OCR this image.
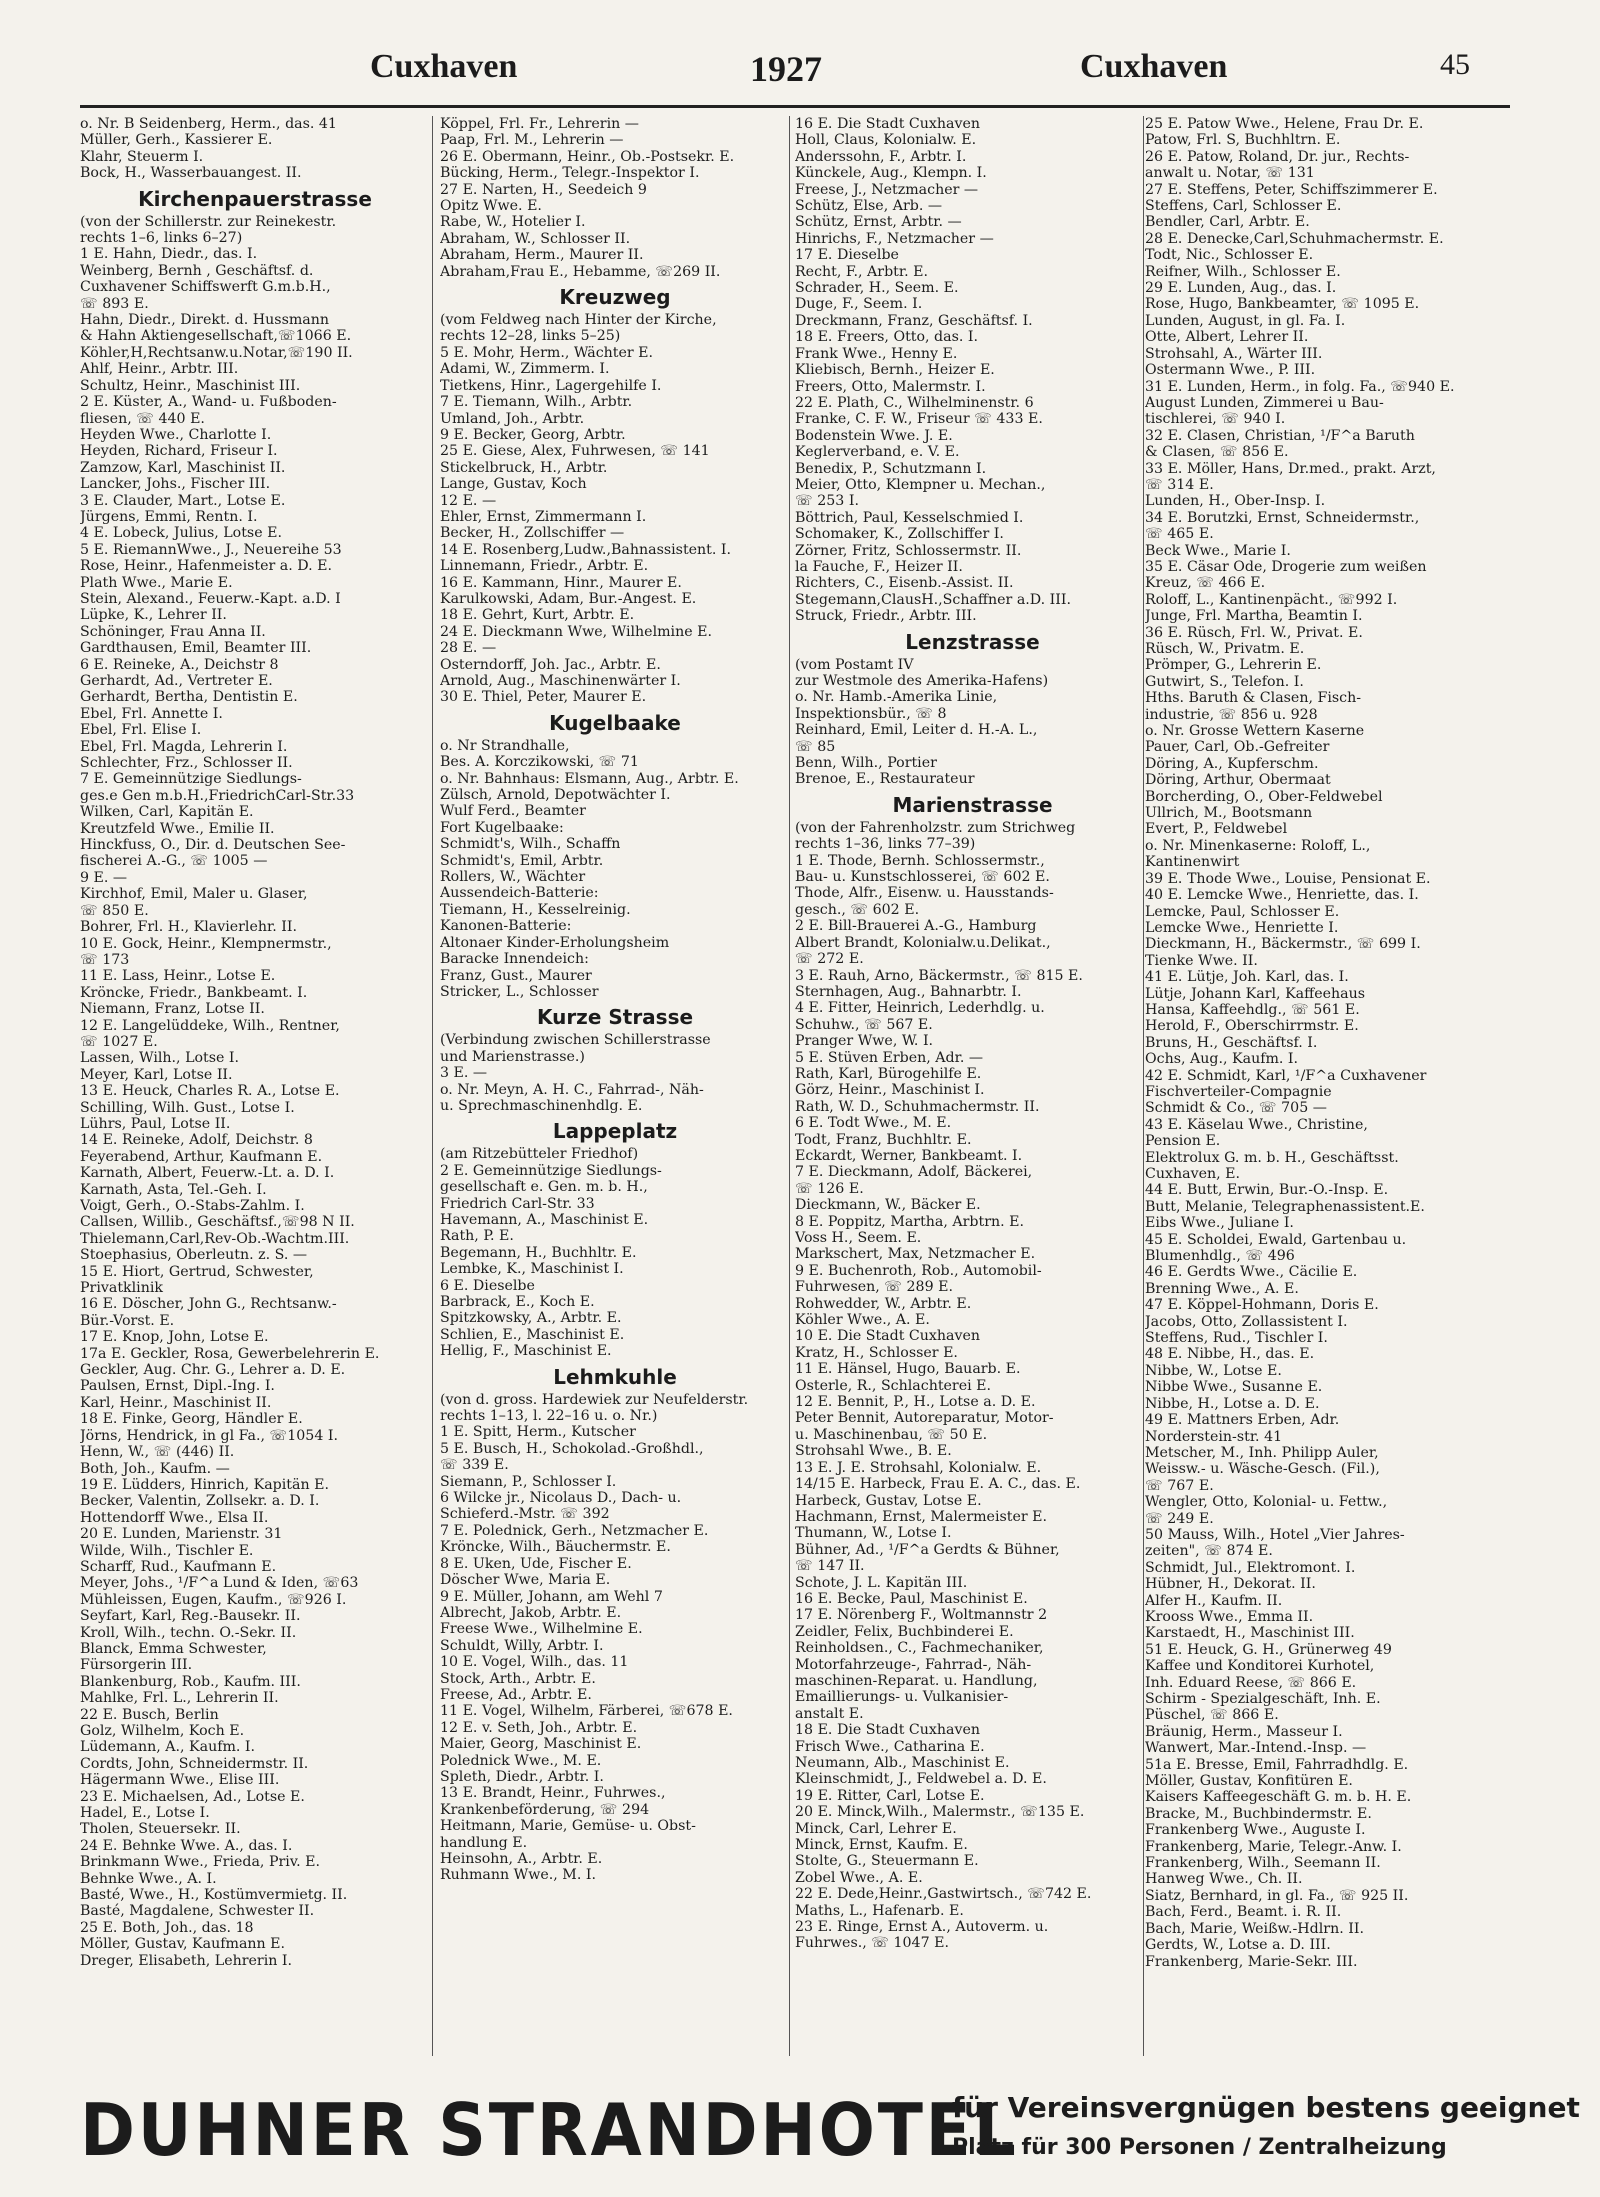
Cuxhaven	1927	Cuxhaven	45
o. Nr. B Seidenberg, Herm., das. 41
Müller, Gerh., Kassierer E.
Klahr, Steuerm I.
Bock, H., Wasserbauangest. II.
Kirchenpauerstrasse
(von der Schillerstr. zur Reinekestr.
rechts 1–6, links 6–27)
1 E. Hahn, Diedr., das. I.
Weinberg, Bernh , Geschäftsf. d.
Cuxhavener Schiffswerft G.m.b.H.,
☏ 893 E.
Hahn, Diedr., Direkt. d. Hussmann
& Hahn Aktiengesellschaft,☏1066 E.
Köhler,H,Rechtsanw.u.Notar,☏190 II.
Ahlf, Heinr., Arbtr. III.
Schultz, Heinr., Maschinist III.
2 E. Küster, A., Wand- u. Fußboden-
fliesen, ☏ 440 E.
Heyden Wwe., Charlotte I.
Heyden, Richard, Friseur I.
Zamzow, Karl, Maschinist II.
Lancker, Johs., Fischer III.
3 E. Clauder, Mart., Lotse E.
Jürgens, Emmi, Rentn. I.
4 E. Lobeck, Julius, Lotse E.
5 E. RiemannWwe., J., Neuereihe 53
Rose, Heinr., Hafenmeister a. D. E.
Plath Wwe., Marie E.
Stein, Alexand., Feuerw.-Kapt. a.D. I
Lüpke, K., Lehrer II.
Schöninger, Frau Anna II.
Gardthausen, Emil, Beamter III.
6 E. Reineke, A., Deichstr 8
Gerhardt, Ad., Vertreter E.
Gerhardt, Bertha, Dentistin E.
Ebel, Frl. Annette I.
Ebel, Frl. Elise I.
Ebel, Frl. Magda, Lehrerin I.
Schlechter, Frz., Schlosser II.
7 E. Gemeinnützige Siedlungs-
ges.e Gen m.b.H.,FriedrichCarl-Str.33
Wilken, Carl, Kapitän E.
Kreutzfeld Wwe., Emilie II.
Hinckfuss, O., Dir. d. Deutschen See-
fischerei A.-G., ☏ 1005 —
9 E. —
Kirchhof, Emil, Maler u. Glaser,
☏ 850 E.
Bohrer, Frl. H., Klavierlehr. II.
10 E. Gock, Heinr., Klempnermstr.,
☏ 173
11 E. Lass, Heinr., Lotse E.
Kröncke, Friedr., Bankbeamt. I.
Niemann, Franz, Lotse II.
12 E. Langelüddeke, Wilh., Rentner,
☏ 1027 E.
Lassen, Wilh., Lotse I.
Meyer, Karl, Lotse II.
13 E. Heuck, Charles R. A., Lotse E.
Schilling, Wilh. Gust., Lotse I.
Lührs, Paul, Lotse II.
14 E. Reineke, Adolf, Deichstr. 8
Feyerabend, Arthur, Kaufmann E.
Karnath, Albert, Feuerw.-Lt. a. D. I.
Karnath, Asta, Tel.-Geh. I.
Voigt, Gerh., O.-Stabs-Zahlm. I.
Callsen, Willib., Geschäftsf.,☏98 N II.
Thielemann,Carl,Rev-Ob.-Wachtm.III.
Stoephasius, Oberleutn. z. S. —
15 E. Hiort, Gertrud, Schwester,
Privatklinik
16 E. Döscher, John G., Rechtsanw.-
Bür.-Vorst. E.
17 E. Knop, John, Lotse E.
17a E. Geckler, Rosa, Gewerbelehrerin E.
Geckler, Aug. Chr. G., Lehrer a. D. E.
Paulsen, Ernst, Dipl.-Ing. I.
Karl, Heinr., Maschinist II.
18 E. Finke, Georg, Händler E.
Jörns, Hendrick, in gl Fa., ☏1054 I.
Henn, W., ☏ (446) II.
Both, Joh., Kaufm. —
19 E. Lüdders, Hinrich, Kapitän E.
Becker, Valentin, Zollsekr. a. D. I.
Hottendorff Wwe., Elsa II.
20 E. Lunden, Marienstr. 31
Wilde, Wilh., Tischler E.
Scharff, Rud., Kaufmann E.
Meyer, Johs., ¹/F^a Lund & Iden, ☏63
Mühleissen, Eugen, Kaufm., ☏926 I.
Seyfart, Karl, Reg.-Bausekr. II.
Kroll, Wilh., techn. O.-Sekr. II.
Blanck, Emma Schwester,
Fürsorgerin III.
Blankenburg, Rob., Kaufm. III.
Mahlke, Frl. L., Lehrerin II.
22 E. Busch, Berlin
Golz, Wilhelm, Koch E.
Lüdemann, A., Kaufm. I.
Cordts, John, Schneidermstr. II.
Hägermann Wwe., Elise III.
23 E. Michaelsen, Ad., Lotse E.
Hadel, E., Lotse I.
Tholen, Steuersekr. II.
24 E. Behnke Wwe. A., das. I.
Brinkmann Wwe., Frieda, Priv. E.
Behnke Wwe., A. I.
Basté, Wwe., H., Kostümvermietg. II.
Basté, Magdalene, Schwester II.
25 E. Both, Joh., das. 18
Möller, Gustav, Kaufmann E.
Dreger, Elisabeth, Lehrerin I.
Köppel, Frl. Fr., Lehrerin —
Paap, Frl. M., Lehrerin —
26 E. Obermann, Heinr., Ob.-Postsekr. E.
Bücking, Herm., Telegr.-Inspektor I.
27 E. Narten, H., Seedeich 9
Opitz Wwe. E.
Rabe, W., Hotelier I.
Abraham, W., Schlosser II.
Abraham, Herm., Maurer II.
Abraham,Frau E., Hebamme, ☏269 II.
Kreuzweg
(vom Feldweg nach Hinter der Kirche,
rechts 12–28, links 5–25)
5 E. Mohr, Herm., Wächter E.
Adami, W., Zimmerm. I.
Tietkens, Hinr., Lagergehilfe I.
7 E. Tiemann, Wilh., Arbtr.
Umland, Joh., Arbtr.
9 E. Becker, Georg, Arbtr.
25 E. Giese, Alex, Fuhrwesen, ☏ 141
Stickelbruck, H., Arbtr.
Lange, Gustav, Koch
12 E. —
Ehler, Ernst, Zimmermann I.
Becker, H., Zollschiffer —
14 E. Rosenberg,Ludw.,Bahnassistent. I.
Linnemann, Friedr., Arbtr. E.
16 E. Kammann, Hinr., Maurer E.
Karulkowski, Adam, Bur.-Angest. E.
18 E. Gehrt, Kurt, Arbtr. E.
24 E. Dieckmann Wwe, Wilhelmine E.
28 E. —
Osterndorff, Joh. Jac., Arbtr. E.
Arnold, Aug., Maschinenwärter I.
30 E. Thiel, Peter, Maurer E.
Kugelbaake
o. Nr Strandhalle,
Bes. A. Korczikowski, ☏ 71
o. Nr. Bahnhaus: Elsmann, Aug., Arbtr. E.
Zülsch, Arnold, Depotwächter I.
Wulf Ferd., Beamter
Fort Kugelbaake:
Schmidt's, Wilh., Schaffn
Schmidt's, Emil, Arbtr.
Rollers, W., Wächter
Aussendeich-Batterie:
Tiemann, H., Kesselreinig.
Kanonen-Batterie:
Altonaer Kinder-Erholungsheim
Baracke Innendeich:
Franz, Gust., Maurer
Stricker, L., Schlosser
Kurze Strasse
(Verbindung zwischen Schillerstrasse
und Marienstrasse.)
3 E. —
o. Nr. Meyn, A. H. C., Fahrrad-, Näh-
u. Sprechmaschinenhdlg. E.
Lappeplatz
(am Ritzebütteler Friedhof)
2 E. Gemeinnützige Siedlungs-
gesellschaft e. Gen. m. b. H.,
Friedrich Carl-Str. 33
Havemann, A., Maschinist E.
Rath, P. E.
Begemann, H., Buchhltr. E.
Lembke, K., Maschinist I.
6 E. Dieselbe
Barbrack, E., Koch E.
Spitzkowsky, A., Arbtr. E.
Schlien, E., Maschinist E.
Hellig, F., Maschinist E.
Lehmkuhle
(von d. gross. Hardewiek zur Neufelderstr.
rechts 1–13, l. 22–16 u. o. Nr.)
1 E. Spitt, Herm., Kutscher
5 E. Busch, H., Schokolad.-Großhdl.,
☏ 339 E.
Siemann, P., Schlosser I.
6 Wilcke jr., Nicolaus D., Dach- u.
Schieferd.-Mstr. ☏ 392
7 E. Polednick, Gerh., Netzmacher E.
Kröncke, Wilh., Bäuchermstr. E.
8 E. Uken, Ude, Fischer E.
Döscher Wwe, Maria E.
9 E. Müller, Johann, am Wehl 7
Albrecht, Jakob, Arbtr. E.
Freese Wwe., Wilhelmine E.
Schuldt, Willy, Arbtr. I.
10 E. Vogel, Wilh., das. 11
Stock, Arth., Arbtr. E.
Freese, Ad., Arbtr. E.
11 E. Vogel, Wilhelm, Färberei, ☏678 E.
12 E. v. Seth, Joh., Arbtr. E.
Maier, Georg, Maschinist E.
Polednick Wwe., M. E.
Spleth, Diedr., Arbtr. I.
13 E. Brandt, Heinr., Fuhrwes.,
Krankenbeförderung, ☏ 294
Heitmann, Marie, Gemüse- u. Obst-
handlung E.
Heinsohn, A., Arbtr. E.
Ruhmann Wwe., M. I.
16 E. Die Stadt Cuxhaven
Holl, Claus, Kolonialw. E.
Anderssohn, F., Arbtr. I.
Künckele, Aug., Klempn. I.
Freese, J., Netzmacher —
Schütz, Else, Arb. —
Schütz, Ernst, Arbtr. —
Hinrichs, F., Netzmacher —
17 E. Dieselbe
Recht, F., Arbtr. E.
Schrader, H., Seem. E.
Duge, F., Seem. I.
Dreckmann, Franz, Geschäftsf. I.
18 E. Freers, Otto, das. I.
Frank Wwe., Henny E.
Kliebisch, Bernh., Heizer E.
Freers, Otto, Malermstr. I.
22 E. Plath, C., Wilhelminenstr. 6
Franke, C. F. W., Friseur ☏ 433 E.
Bodenstein Wwe. J. E.
Keglerverband, e. V. E.
Benedix, P., Schutzmann I.
Meier, Otto, Klempner u. Mechan.,
☏ 253 I.
Böttrich, Paul, Kesselschmied I.
Schomaker, K., Zollschiffer I.
Zörner, Fritz, Schlossermstr. II.
la Fauche, F., Heizer II.
Richters, C., Eisenb.-Assist. II.
Stegemann,ClausH.,Schaffner a.D. III.
Struck, Friedr., Arbtr. III.
Lenzstrasse
(vom Postamt IV
zur Westmole des Amerika-Hafens)
o. Nr. Hamb.-Amerika Linie,
Inspektionsbür., ☏ 8
Reinhard, Emil, Leiter d. H.-A. L.,
☏ 85
Benn, Wilh., Portier
Brenoe, E., Restaurateur
Marienstrasse
(von der Fahrenholzstr. zum Strichweg
rechts 1–36, links 77–39)
1 E. Thode, Bernh. Schlossermstr.,
Bau- u. Kunstschlosserei, ☏ 602 E.
Thode, Alfr., Eisenw. u. Hausstands-
gesch., ☏ 602 E.
2 E. Bill-Brauerei A.-G., Hamburg
Albert Brandt, Kolonialw.u.Delikat.,
☏ 272 E.
3 E. Rauh, Arno, Bäckermstr., ☏ 815 E.
Sternhagen, Aug., Bahnarbtr. I.
4 E. Fitter, Heinrich, Lederhdlg. u.
Schuhw., ☏ 567 E.
Pranger Wwe, W. I.
5 E. Stüven Erben, Adr. —
Rath, Karl, Bürogehilfe E.
Görz, Heinr., Maschinist I.
Rath, W. D., Schuhmachermstr. II.
6 E. Todt Wwe., M. E.
Todt, Franz, Buchhltr. E.
Eckardt, Werner, Bankbeamt. I.
7 E. Dieckmann, Adolf, Bäckerei,
☏ 126 E.
Dieckmann, W., Bäcker E.
8 E. Poppitz, Martha, Arbtrn. E.
Voss H., Seem. E.
Markschert, Max, Netzmacher E.
9 E. Buchenroth, Rob., Automobil-
Fuhrwesen, ☏ 289 E.
Rohwedder, W., Arbtr. E.
Köhler Wwe., A. E.
10 E. Die Stadt Cuxhaven
Kratz, H., Schlosser E.
11 E. Hänsel, Hugo, Bauarb. E.
Osterle, R., Schlachterei E.
12 E. Bennit, P., H., Lotse a. D. E.
Peter Bennit, Autoreparatur, Motor-
u. Maschinenbau, ☏ 50 E.
Strohsahl Wwe., B. E.
13 E. J. E. Strohsahl, Kolonialw. E.
14/15 E. Harbeck, Frau E. A. C., das. E.
Harbeck, Gustav, Lotse E.
Hachmann, Ernst, Malermeister E.
Thumann, W., Lotse I.
Bühner, Ad., ¹/F^a Gerdts & Bühner,
☏ 147 II.
Schote, J. L. Kapitän III.
16 E. Becke, Paul, Maschinist E.
17 E. Nörenberg F., Woltmannstr 2
Zeidler, Felix, Buchbinderei E.
Reinholdsen., C., Fachmechaniker,
Motorfahrzeuge-, Fahrrad-, Näh-
maschinen-Reparat. u. Handlung,
Emaillierungs- u. Vulkanisier-
anstalt E.
18 E. Die Stadt Cuxhaven
Frisch Wwe., Catharina E.
Neumann, Alb., Maschinist E.
Kleinschmidt, J., Feldwebel a. D. E.
19 E. Ritter, Carl, Lotse E.
20 E. Minck,Wilh., Malermstr., ☏135 E.
Minck, Carl, Lehrer E.
Minck, Ernst, Kaufm. E.
Stolte, G., Steuermann E.
Zobel Wwe., A. E.
22 E. Dede,Heinr.,Gastwirtsch., ☏742 E.
Maths, L., Hafenarb. E.
23 E. Ringe, Ernst A., Autoverm. u.
Fuhrwes., ☏ 1047 E.
25 E. Patow Wwe., Helene, Frau Dr. E.
Patow, Frl. S, Buchhltrn. E.
26 E. Patow, Roland, Dr. jur., Rechts-
anwalt u. Notar, ☏ 131
27 E. Steffens, Peter, Schiffszimmerer E.
Steffens, Carl, Schlosser E.
Bendler, Carl, Arbtr. E.
28 E. Denecke,Carl,Schuhmachermstr. E.
Todt, Nic., Schlosser E.
Reifner, Wilh., Schlosser E.
29 E. Lunden, Aug., das. I.
Rose, Hugo, Bankbeamter, ☏ 1095 E.
Lunden, August, in gl. Fa. I.
Otte, Albert, Lehrer II.
Strohsahl, A., Wärter III.
Ostermann Wwe., P. III.
31 E. Lunden, Herm., in folg. Fa., ☏940 E.
August Lunden, Zimmerei u Bau-
tischlerei, ☏ 940 I.
32 E. Clasen, Christian, ¹/F^a Baruth
& Clasen, ☏ 856 E.
33 E. Möller, Hans, Dr.med., prakt. Arzt,
☏ 314 E.
Lunden, H., Ober-Insp. I.
34 E. Borutzki, Ernst, Schneidermstr.,
☏ 465 E.
Beck Wwe., Marie I.
35 E. Cäsar Ode, Drogerie zum weißen
Kreuz, ☏ 466 E.
Roloff, L., Kantinenpächt., ☏992 I.
Junge, Frl. Martha, Beamtin I.
36 E. Rüsch, Frl. W., Privat. E.
Rüsch, W., Privatm. E.
Prömper, G., Lehrerin E.
Gutwirt, S., Telefon. I.
Hths. Baruth & Clasen, Fisch-
industrie, ☏ 856 u. 928
o. Nr. Grosse Wettern Kaserne
Pauer, Carl, Ob.-Gefreiter
Döring, A., Kupferschm.
Döring, Arthur, Obermaat
Borcherding, O., Ober-Feldwebel
Ullrich, M., Bootsmann
Evert, P., Feldwebel
o. Nr. Minenkaserne: Roloff, L.,
Kantinenwirt
39 E. Thode Wwe., Louise, Pensionat E.
40 E. Lemcke Wwe., Henriette, das. I.
Lemcke, Paul, Schlosser E.
Lemcke Wwe., Henriette I.
Dieckmann, H., Bäckermstr., ☏ 699 I.
Tienke Wwe. II.
41 E. Lütje, Joh. Karl, das. I.
Lütje, Johann Karl, Kaffeehaus
Hansa, Kaffeehdlg., ☏ 561 E.
Herold, F., Oberschirrmstr. E.
Bruns, H., Geschäftsf. I.
Ochs, Aug., Kaufm. I.
42 E. Schmidt, Karl, ¹/F^a Cuxhavener
Fischverteiler-Compagnie
Schmidt & Co., ☏ 705 —
43 E. Käselau Wwe., Christine,
Pension E.
Elektrolux G. m. b. H., Geschäftsst.
Cuxhaven, E.
44 E. Butt, Erwin, Bur.-O.-Insp. E.
Butt, Melanie, Telegraphenassistent.E.
Eibs Wwe., Juliane I.
45 E. Scholdei, Ewald, Gartenbau u.
Blumenhdlg., ☏ 496
46 E. Gerdts Wwe., Cäcilie E.
Brenning Wwe., A. E.
47 E. Köppel-Hohmann, Doris E.
Jacobs, Otto, Zollassistent I.
Steffens, Rud., Tischler I.
48 E. Nibbe, H., das. E.
Nibbe, W., Lotse E.
Nibbe Wwe., Susanne E.
Nibbe, H., Lotse a. D. E.
49 E. Mattners Erben, Adr.
Norderstein-str. 41
Metscher, M., Inh. Philipp Auler,
Weissw.- u. Wäsche-Gesch. (Fil.),
☏ 767 E.
Wengler, Otto, Kolonial- u. Fettw.,
☏ 249 E.
50 Mauss, Wilh., Hotel „Vier Jahres-
zeiten", ☏ 874 E.
Schmidt, Jul., Elektromont. I.
Hübner, H., Dekorat. II.
Alfer H., Kaufm. II.
Krooss Wwe., Emma II.
Karstaedt, H., Maschinist III.
51 E. Heuck, G. H., Grünerweg 49
Kaffee und Konditorei Kurhotel,
Inh. Eduard Reese, ☏ 866 E.
Schirm - Spezialgeschäft, Inh. E.
Püschel, ☏ 866 E.
Bräunig, Herm., Masseur I.
Wanwert, Mar.-Intend.-Insp. —
51a E. Bresse, Emil, Fahrradhdlg. E.
Möller, Gustav, Konfitüren E.
Kaisers Kaffeegeschäft G. m. b. H. E.
Bracke, M., Buchbindermstr. E.
Frankenberg Wwe., Auguste I.
Frankenberg, Marie, Telegr.-Anw. I.
Frankenberg, Wilh., Seemann II.
Hanweg Wwe., Ch. II.
Siatz, Bernhard, in gl. Fa., ☏ 925 II.
Bach, Ferd., Beamt. i. R. II.
Bach, Marie, Weißw.-Hdlrn. II.
Gerdts, W., Lotse a. D. III.
Frankenberg, Marie-Sekr. III.
DUHNER STRANDHOTEL
für Vereinsvergnügen bestens geeignet
Platz für 300 Personen / Zentralheizung
